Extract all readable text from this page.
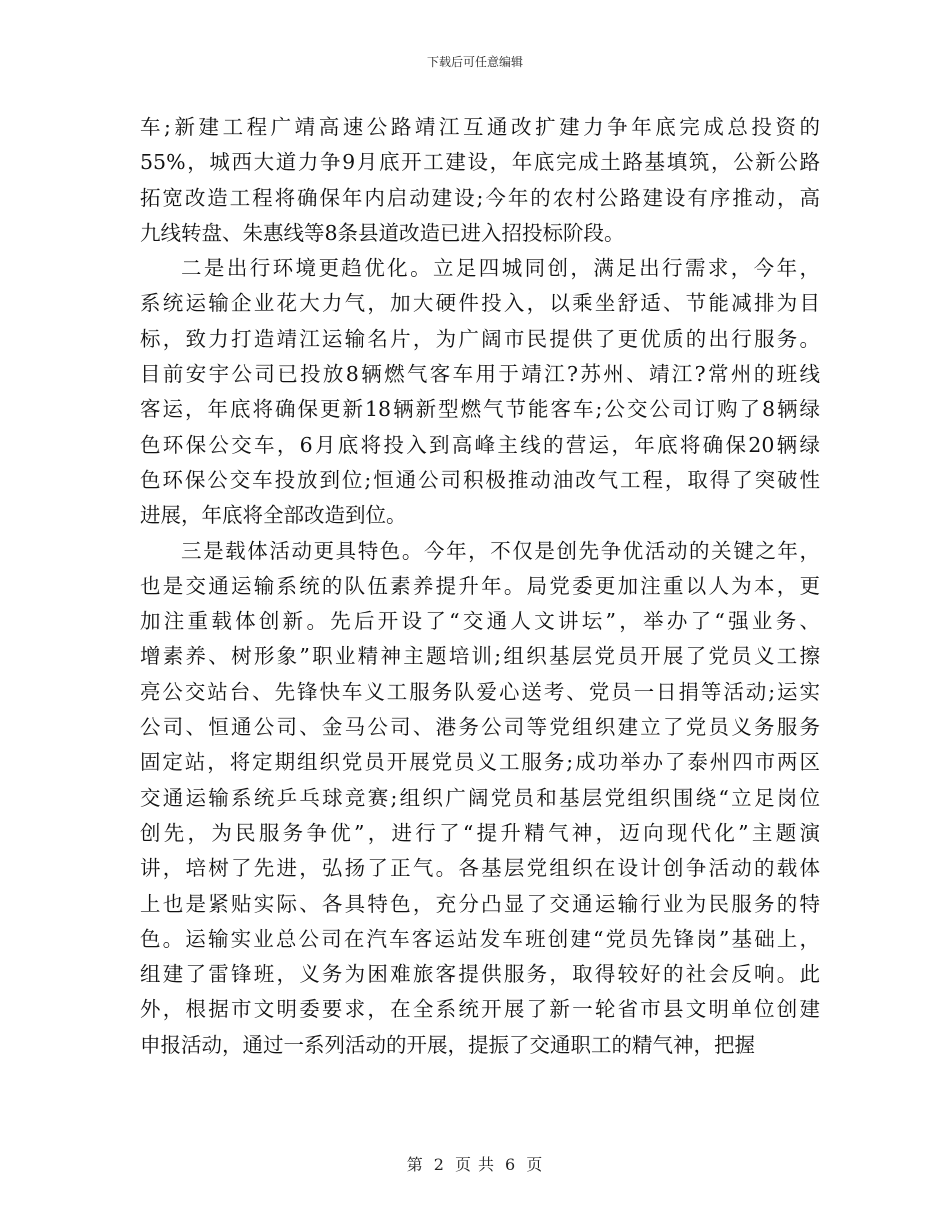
下载后可任意编辑
车;新建工程广靖高速公路靖江互通改扩建力争年底完成总投资的
55%，城西大道力争9月底开工建设，年底完成土路基填筑，公新公路
拓宽改造工程将确保年内启动建设;今年的农村公路建设有序推动，高
九线转盘、朱惠线等8条县道改造已进入招投标阶段。
二是出行环境更趋优化。立足四城同创，满足出行需求，今年，
系统运输企业花大力气，加大硬件投入，以乘坐舒适、节能减排为目
标，致力打造靖江运输名片，为广阔市民提供了更优质的出行服务。
目前安宇公司已投放8辆燃气客车用于靖江?苏州、靖江?常州的班线
客运，年底将确保更新18辆新型燃气节能客车;公交公司订购了8辆绿
色环保公交车，6月底将投入到高峰主线的营运，年底将确保20辆绿
色环保公交车投放到位;恒通公司积极推动油改气工程，取得了突破性
进展，年底将全部改造到位。
三是载体活动更具特色。今年，不仅是创先争优活动的关键之年，
也是交通运输系统的队伍素养提升年。局党委更加注重以人为本，更
加注重载体创新。先后开设了“交通人文讲坛”，举办了“强业务、
增素养、树形象”职业精神主题培训;组织基层党员开展了党员义工擦
亮公交站台、先锋快车义工服务队爱心送考、党员一日捐等活动;运实
公司、恒通公司、金马公司、港务公司等党组织建立了党员义务服务
固定站，将定期组织党员开展党员义工服务;成功举办了泰州四市两区
交通运输系统乒乓球竞赛;组织广阔党员和基层党组织围绕“立足岗位
创先，为民服务争优”，进行了“提升精气神，迈向现代化”主题演
讲，培树了先进，弘扬了正气。各基层党组织在设计创争活动的载体
上也是紧贴实际、各具特色，充分凸显了交通运输行业为民服务的特
色。运输实业总公司在汽车客运站发车班创建“党员先锋岗”基础上，
组建了雷锋班，义务为困难旅客提供服务，取得较好的社会反响。此
外，根据市文明委要求，在全系统开展了新一轮省市县文明单位创建
申报活动，通过一系列活动的开展，提振了交通职工的精气神，把握
第 2 页 共 6 页
